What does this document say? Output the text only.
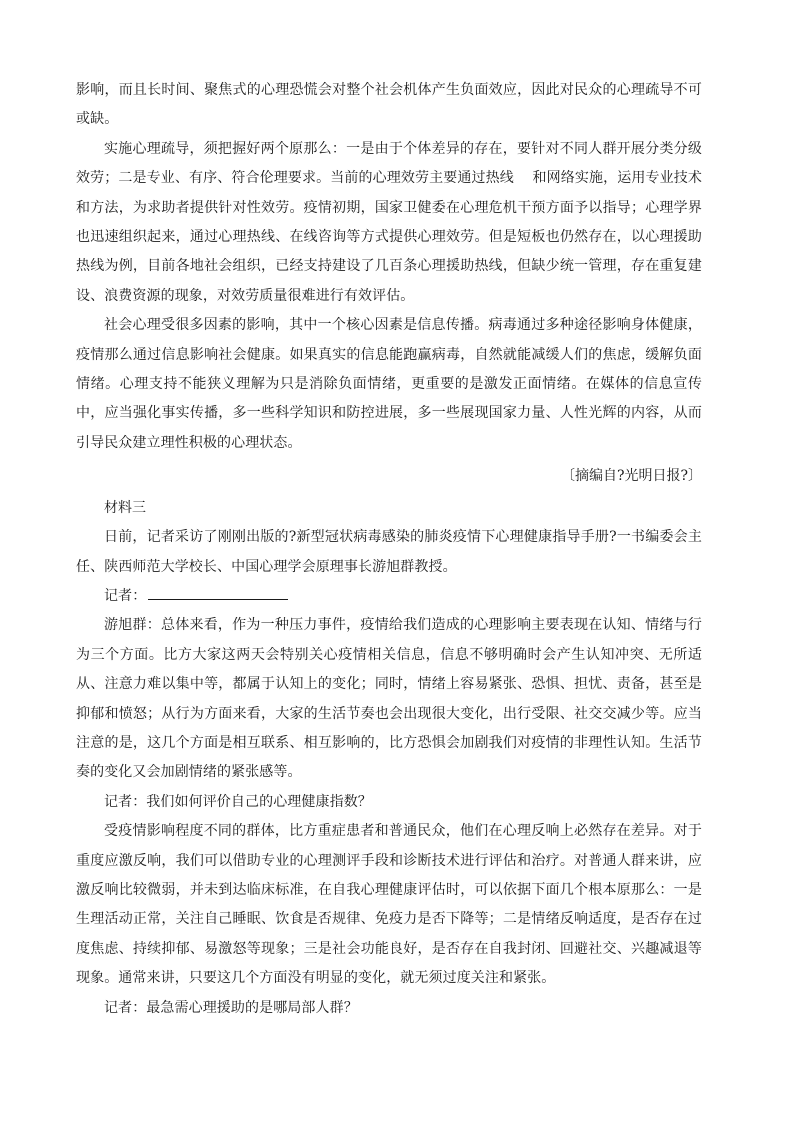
影响，而且长时间、聚焦式的心理恐慌会对整个社会机体产生负面效应，因此对民众的心理疏导不可或缺。

实施心理疏导，须把握好两个原那么：一是由于个体差异的存在，要针对不同人群开展分类分级效劳；二是专业、有序、符合伦理要求。当前的心理效劳主要通过热线　 和网络实施，运用专业技术和方法，为求助者提供针对性效劳。疫情初期，国家卫健委在心理危机干预方面予以指导；心理学界也迅速组织起来，通过心理热线、在线咨询等方式提供心理效劳。但是短板也仍然存在，以心理援助热线为例，目前各地社会组织，已经支持建设了几百条心理援助热线，但缺少统一管理，存在重复建设、浪费资源的现象，对效劳质量很难进行有效评估。

社会心理受很多因素的影响，其中一个核心因素是信息传播。病毒通过多种途径影响身体健康，疫情那么通过信息影响社会健康。如果真实的信息能跑赢病毒，自然就能减缓人们的焦虑，缓解负面情绪。心理支持不能狭义理解为只是消除负面情绪，更重要的是激发正面情绪。在媒体的信息宣传中，应当强化事实传播，多一些科学知识和防控进展，多一些展现国家力量、人性光辉的内容，从而引导民众建立理性积极的心理状态。

〔摘编自?光明日报?〕

材料三

日前，记者采访了刚刚出版的?新型冠状病毒感染的肺炎疫情下心理健康指导手册?一书编委会主任、陕西师范大学校长、中国心理学会原理事长游旭群教授。

记者：

游旭群：总体来看，作为一种压力事件，疫情给我们造成的心理影响主要表现在认知、情绪与行为三个方面。比方大家这两天会特别关心疫情相关信息，信息不够明确时会产生认知冲突、无所适从、注意力难以集中等，都属于认知上的变化；同时，情绪上容易紧张、恐惧、担忧、责备，甚至是抑郁和愤怒；从行为方面来看，大家的生活节奏也会出现很大变化，出行受限、社交交减少等。应当注意的是，这几个方面是相互联系、相互影响的，比方恐惧会加剧我们对疫情的非理性认知。生活节奏的变化又会加剧情绪的紧张感等。

记者：我们如何评价自己的心理健康指数？

受疫情影响程度不同的群体，比方重症患者和普通民众，他们在心理反响上必然存在差异。对于重度应激反响，我们可以借助专业的心理测评手段和诊断技术进行评估和治疗。对普通人群来讲，应激反响比较微弱，并未到达临床标准，在自我心理健康评估时，可以依据下面几个根本原那么：一是生理活动正常，关注自己睡眠、饮食是否规律、免疫力是否下降等；二是情绪反响适度，是否存在过度焦虑、持续抑郁、易激怒等现象；三是社会功能良好，是否存在自我封闭、回避社交、兴趣减退等现象。通常来讲，只要这几个方面没有明显的变化，就无须过度关注和紧张。

记者：最急需心理援助的是哪局部人群？
